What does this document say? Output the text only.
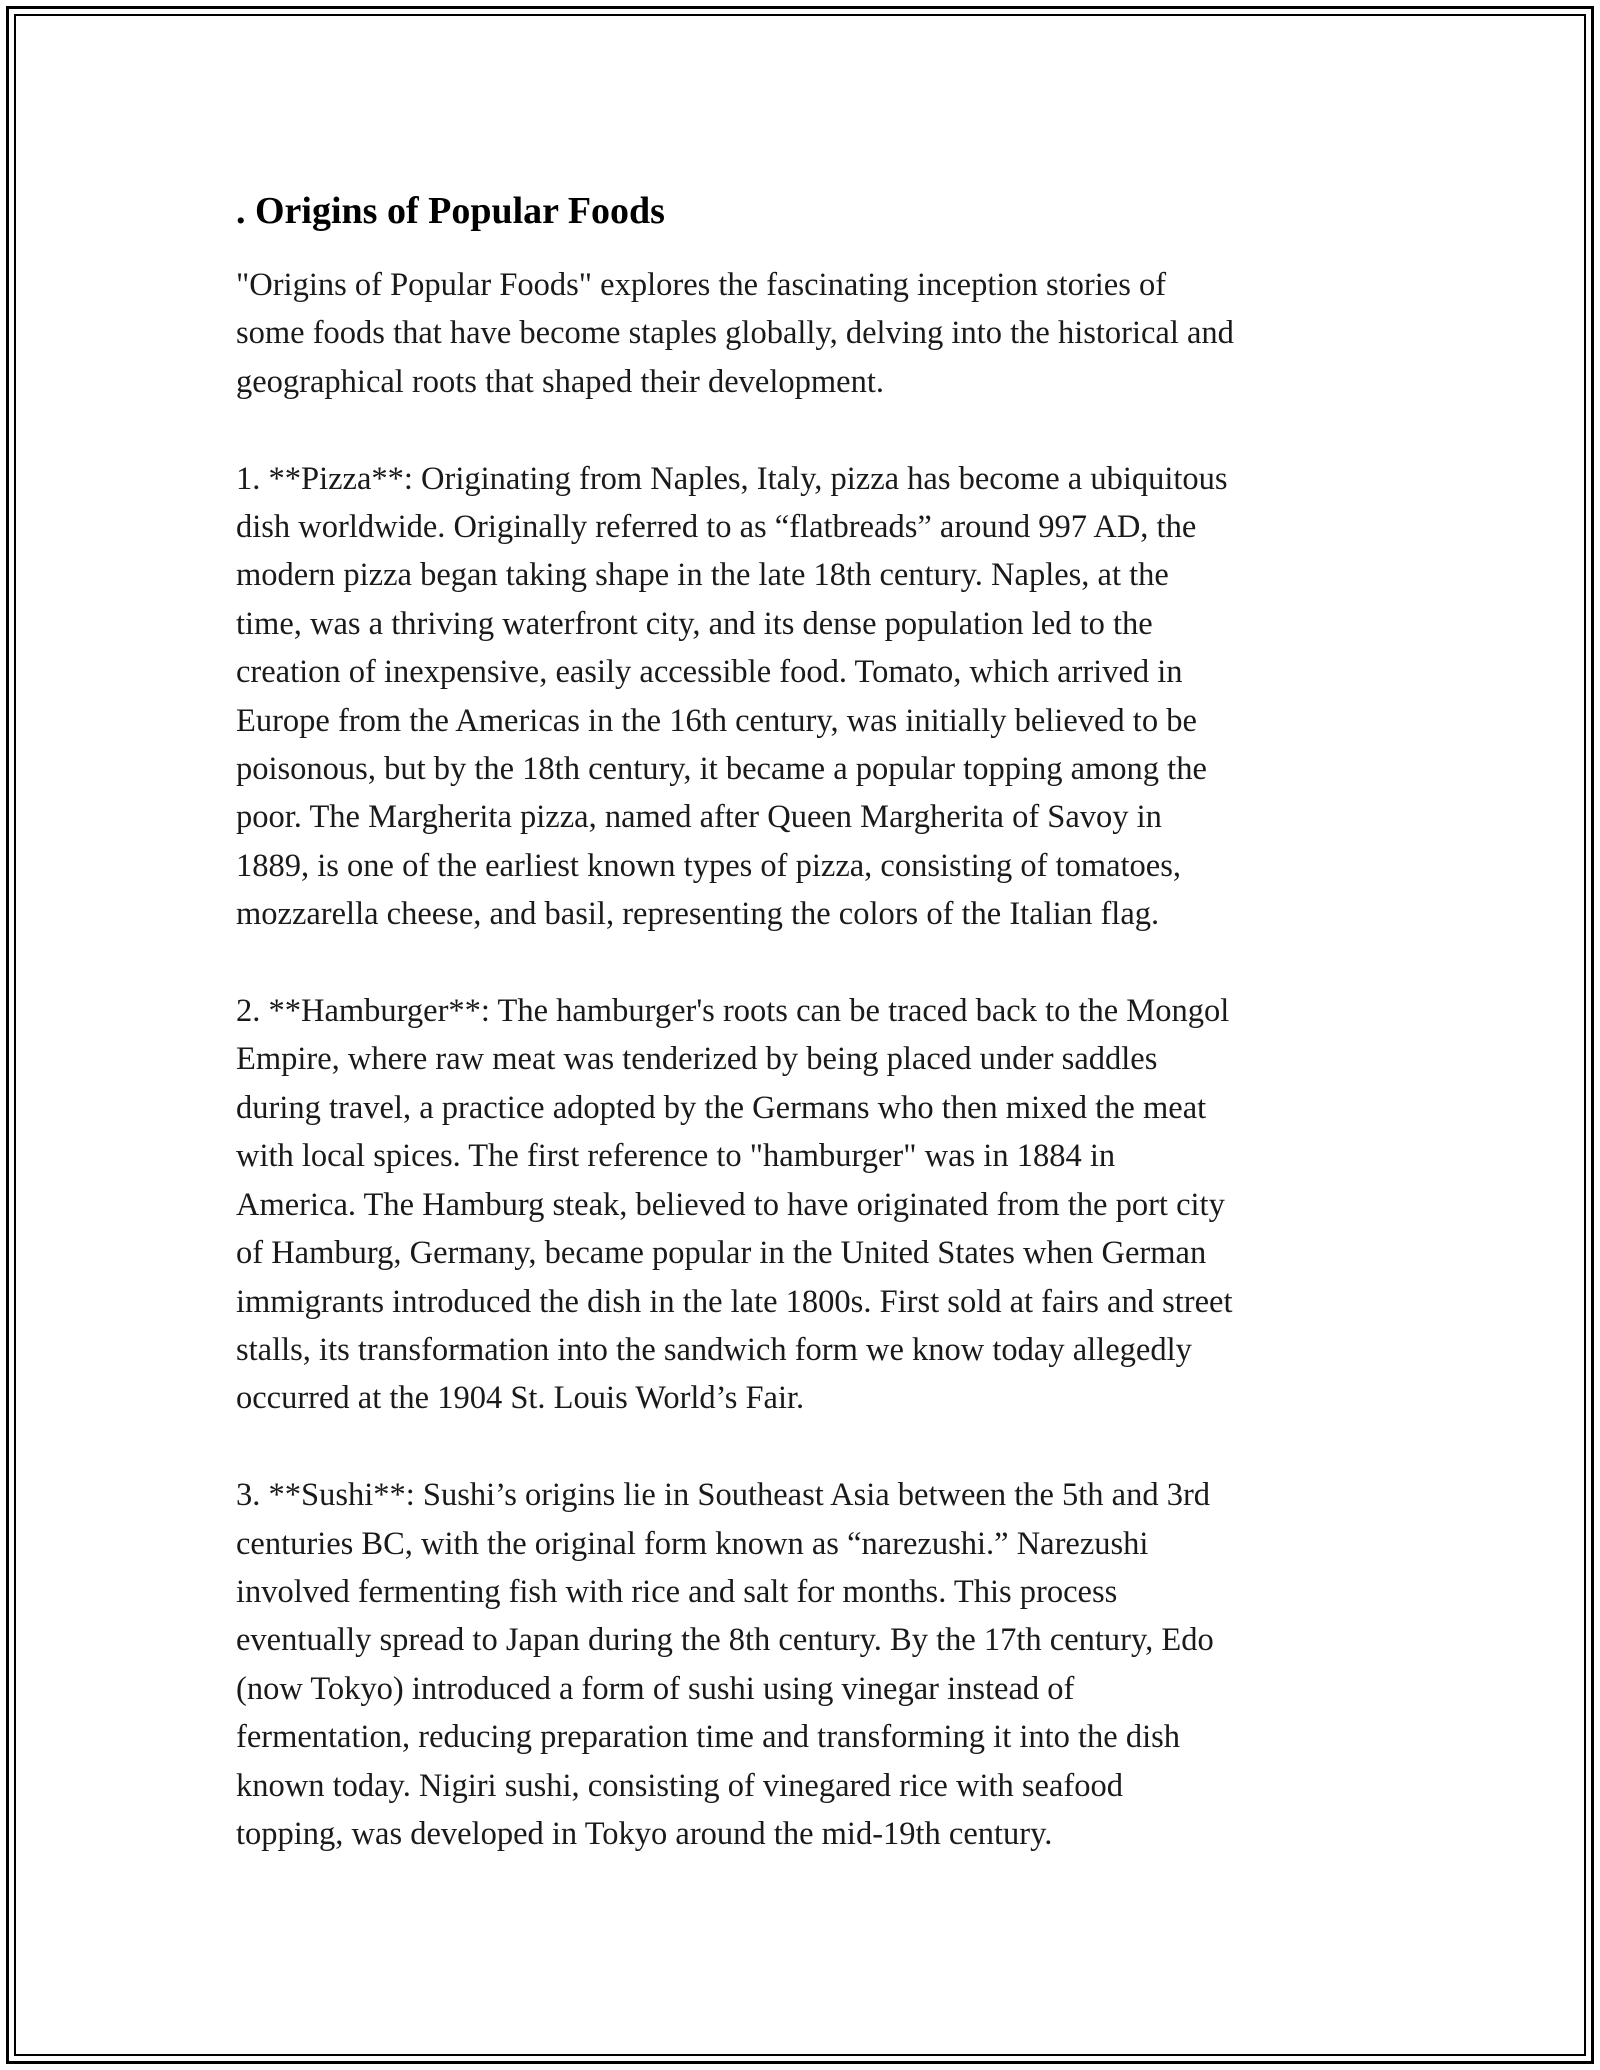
. Origins of Popular Foods

"Origins of Popular Foods" explores the fascinating inception stories of
some foods that have become staples globally, delving into the historical and
geographical roots that shaped their development.

1. **Pizza**: Originating from Naples, Italy, pizza has become a ubiquitous
dish worldwide. Originally referred to as “flatbreads” around 997 AD, the
modern pizza began taking shape in the late 18th century. Naples, at the
time, was a thriving waterfront city, and its dense population led to the
creation of inexpensive, easily accessible food. Tomato, which arrived in
Europe from the Americas in the 16th century, was initially believed to be
poisonous, but by the 18th century, it became a popular topping among the
poor. The Margherita pizza, named after Queen Margherita of Savoy in
1889, is one of the earliest known types of pizza, consisting of tomatoes,
mozzarella cheese, and basil, representing the colors of the Italian flag.

2. **Hamburger**: The hamburger's roots can be traced back to the Mongol
Empire, where raw meat was tenderized by being placed under saddles
during travel, a practice adopted by the Germans who then mixed the meat
with local spices. The first reference to "hamburger" was in 1884 in
America. The Hamburg steak, believed to have originated from the port city
of Hamburg, Germany, became popular in the United States when German
immigrants introduced the dish in the late 1800s. First sold at fairs and street
stalls, its transformation into the sandwich form we know today allegedly
occurred at the 1904 St. Louis World’s Fair.

3. **Sushi**: Sushi’s origins lie in Southeast Asia between the 5th and 3rd
centuries BC, with the original form known as “narezushi.” Narezushi
involved fermenting fish with rice and salt for months. This process
eventually spread to Japan during the 8th century. By the 17th century, Edo
(now Tokyo) introduced a form of sushi using vinegar instead of
fermentation, reducing preparation time and transforming it into the dish
known today. Nigiri sushi, consisting of vinegared rice with seafood
topping, was developed in Tokyo around the mid-19th century.
